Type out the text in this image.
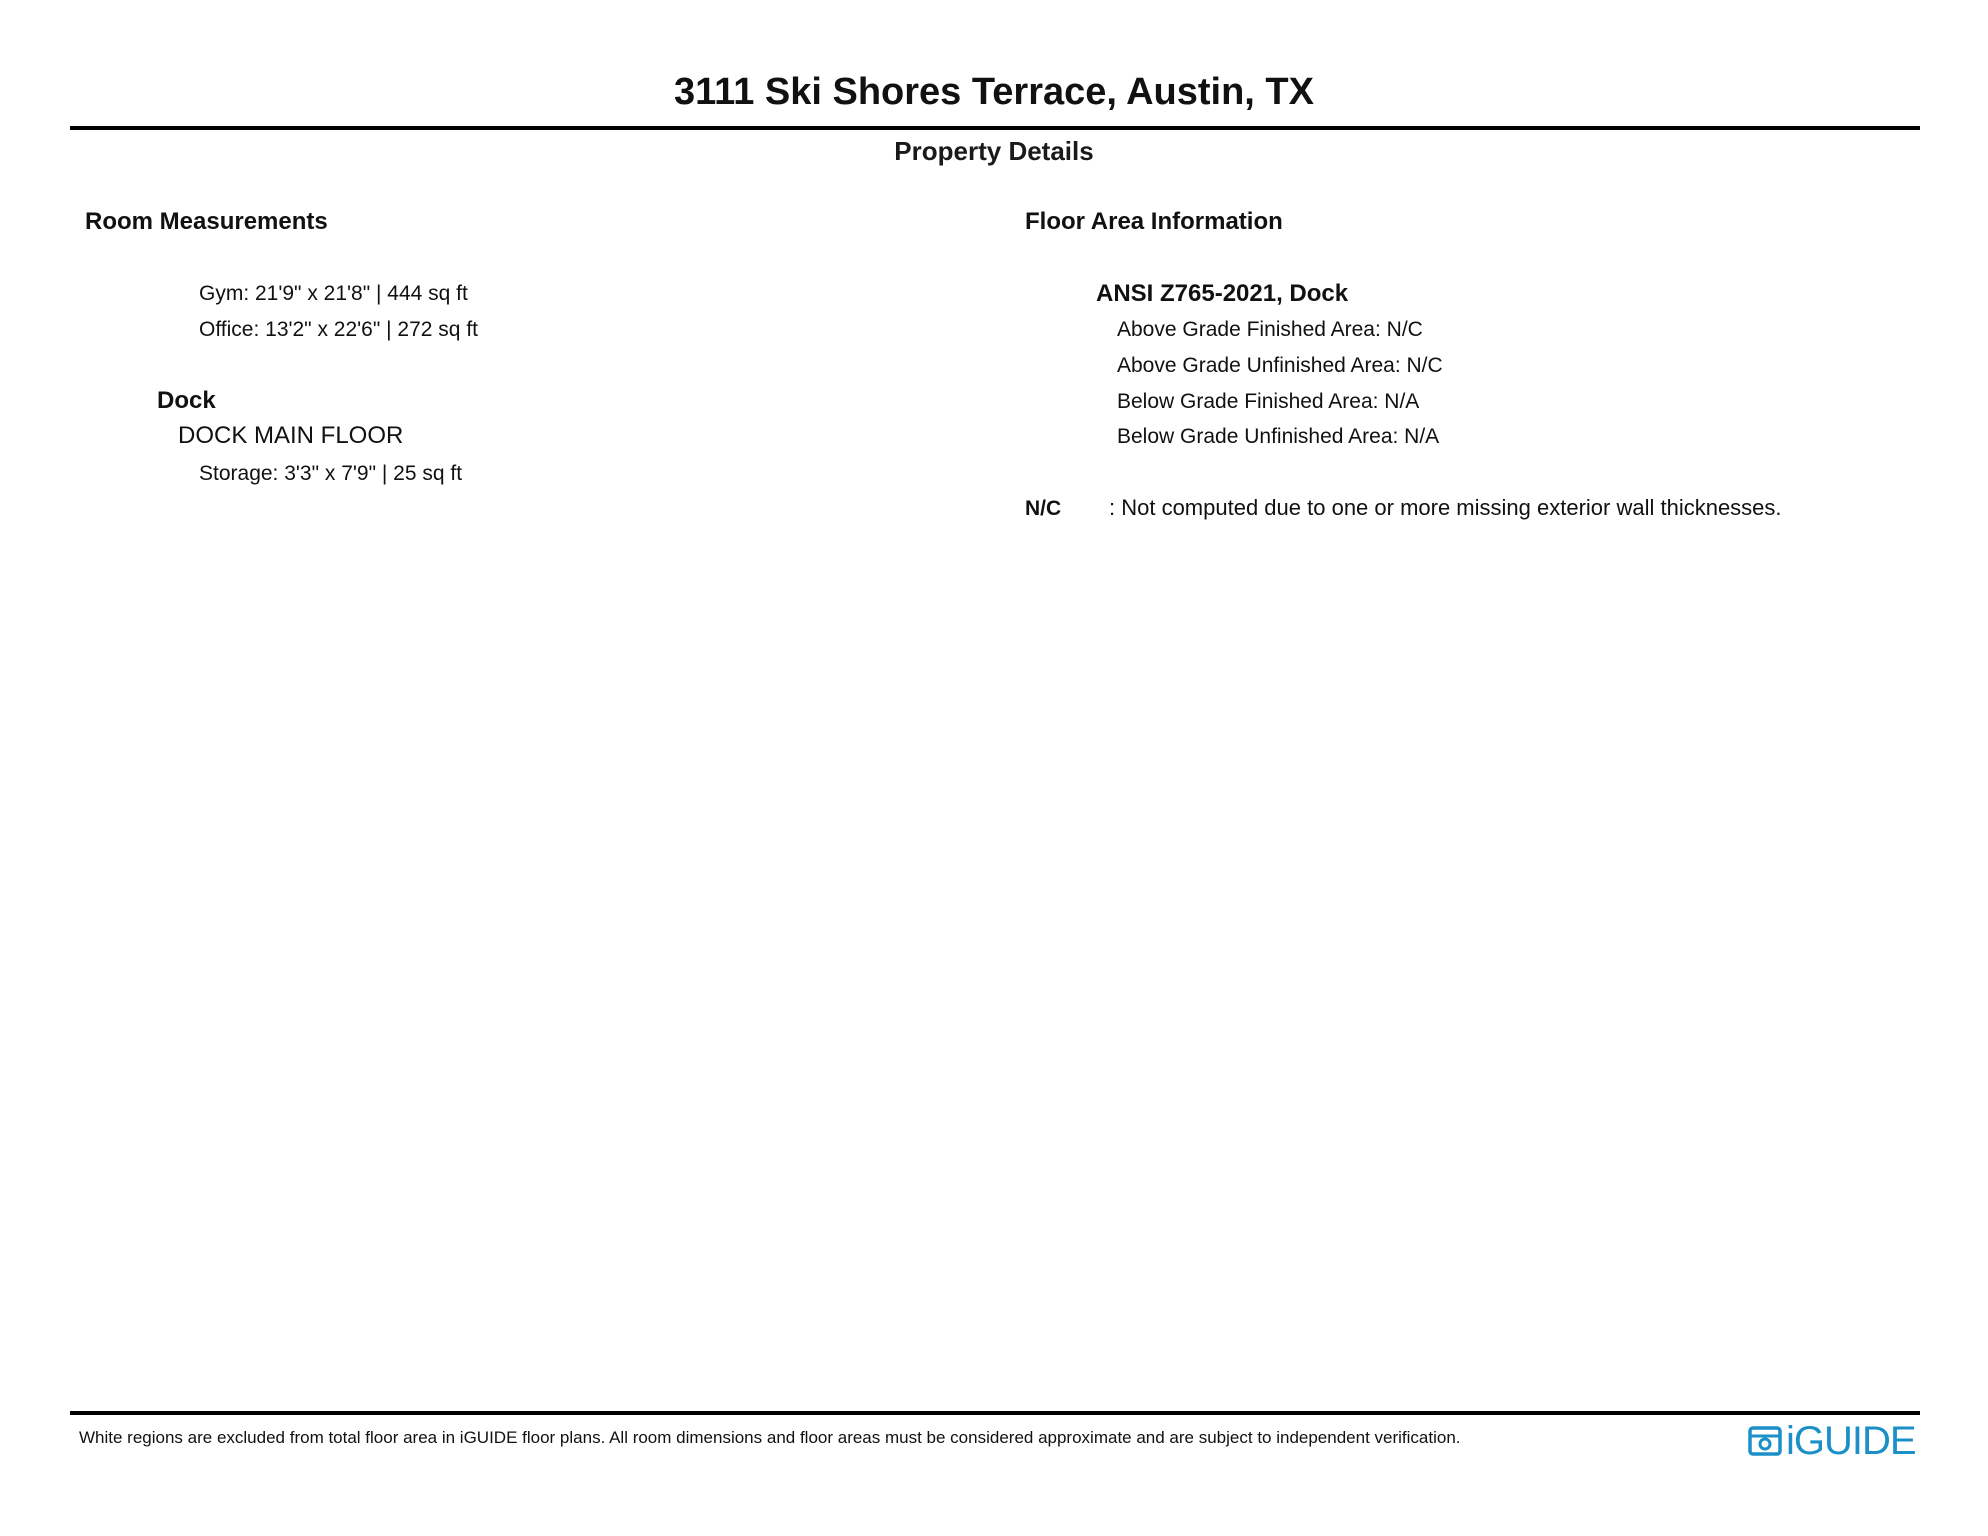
3111 Ski Shores Terrace, Austin, TX
Property Details
Room Measurements
Gym: 21'9" x 21'8" | 444 sq ft
Office: 13'2" x 22'6" | 272 sq ft
Dock
DOCK MAIN FLOOR
Storage: 3'3" x 7'9" | 25 sq ft
Floor Area Information
ANSI Z765-2021, Dock
Above Grade Finished Area: N/C
Above Grade Unfinished Area: N/C
Below Grade Finished Area: N/A
Below Grade Unfinished Area: N/A
N/C : Not computed due to one or more missing exterior wall thicknesses.
White regions are excluded from total floor area in iGUIDE floor plans. All room dimensions and floor areas must be considered approximate and are subject to independent verification.	iGUIDE
